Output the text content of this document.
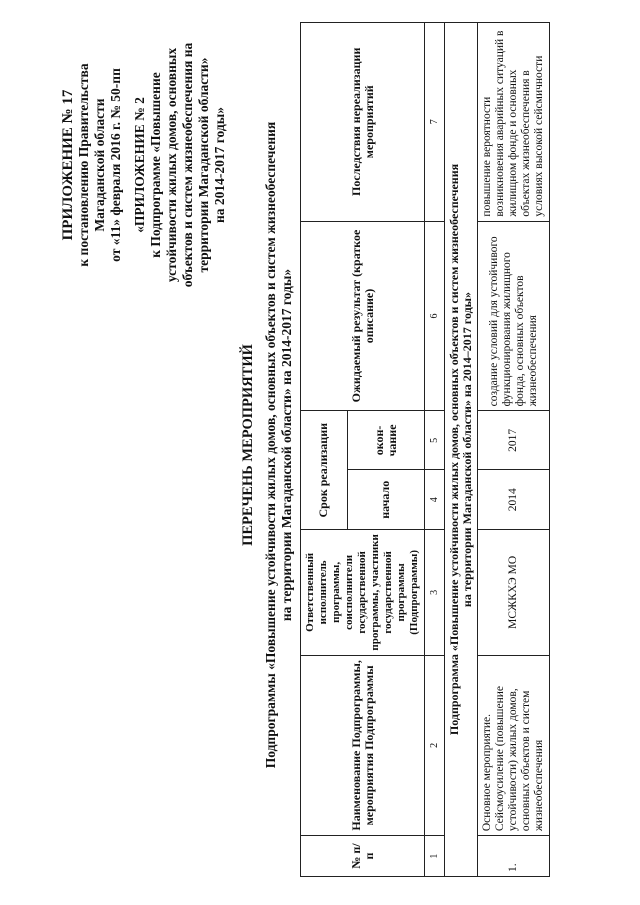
ПРИЛОЖЕНИЕ № 17 к постановлению Правительства Магаданской области от «11» февраля 2016 г. № 50-пп «ПРИЛОЖЕНИЕ № 2 к Подпрограмме «Повышение устойчивости жилых домов, основных объектов и систем жизнеобеспечения на территории Магаданской области» на 2014-2017 годы»

ПЕРЕЧЕНЬ МЕРОПРИЯТИЙ Подпрограммы «Повышение устойчивости жилых домов, основных объектов и систем жизнеобеспечения на территории Магаданской области» на 2014-2017 годы»
№ п/п	Наименование Подпрограммы, мероприятия Подпрограммы	Ответственный исполнитель программы, соисполнители государственной программы, участники государственной программы (Подпрограммы)	Срок реализации		Ожидаемый результат (краткое описание)	Последствия нереализации мероприятий
			начало	окон-чание		
1	2	3	4	5	6	7

Подпрограмма «Повышение устойчивости жилых домов, основных объектов и систем жизнеобеспечения на территории Магаданской области» на 2014–2017 годы»						

1.	Основное мероприятие. Сейсмоусиление (повышение устойчивости) жилых домов, основных объектов и систем жизнеобеспечения	МСЖКХЭ МО	2014	2017	создание условий для устойчивого функционирования жилищного фонда, основных объектов жизнеобеспечения	повышение вероятности возникновения аварийных ситуаций в жилищном фонде и основных объектах жизнеобеспечения в условиях высокой сейсмичности
